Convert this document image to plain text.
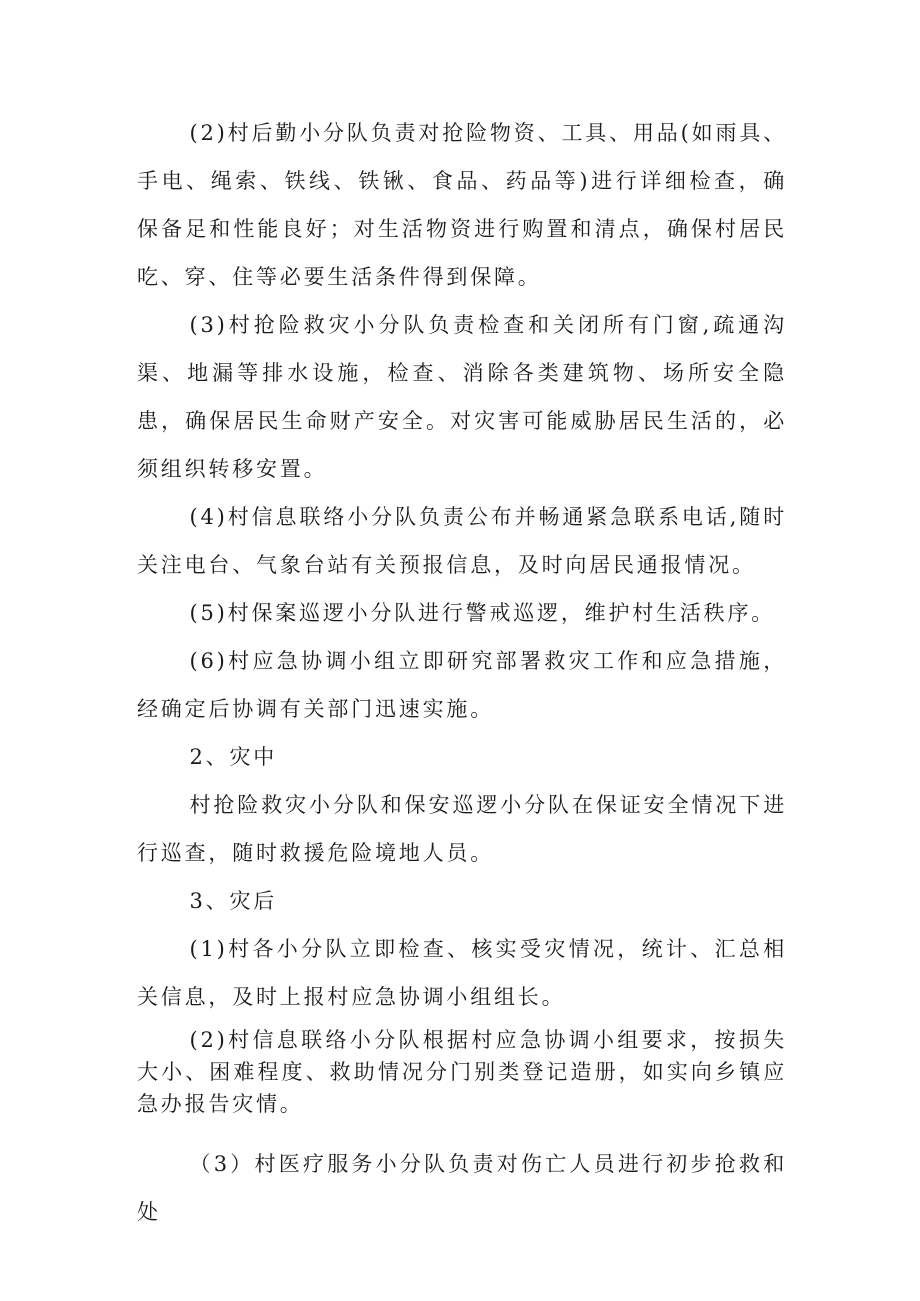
(2)村后勤小分队负责对抢险物资、工具、用品(如雨具、手电、绳索、铁线、铁锹、食品、药品等)进行详细检查，确保备足和性能良好；对生活物资进行购置和清点，确保村居民吃、穿、住等必要生活条件得到保障。

(3)村抢险救灾小分队负责检查和关闭所有门窗,疏通沟渠、地漏等排水设施，检查、消除各类建筑物、场所安全隐患，确保居民生命财产安全。对灾害可能威胁居民生活的，必须组织转移安置。

(4)村信息联络小分队负责公布并畅通紧急联系电话,随时关注电台、气象台站有关预报信息，及时向居民通报情况。

(5)村保案巡逻小分队进行警戒巡逻，维护村生活秩序。

(6)村应急协调小组立即研究部署救灾工作和应急措施，经确定后协调有关部门迅速实施。

2、灾中

村抢险救灾小分队和保安巡逻小分队在保证安全情况下进行巡查，随时救援危险境地人员。

3、灾后

(1)村各小分队立即检查、核实受灾情况，统计、汇总相关信息，及时上报村应急协调小组组长。

(2)村信息联络小分队根据村应急协调小组要求，按损失大小、困难程度、救助情况分门别类登记造册，如实向乡镇应急办报告灾情。

（3）村医疗服务小分队负责对伤亡人员进行初步抢救和处
